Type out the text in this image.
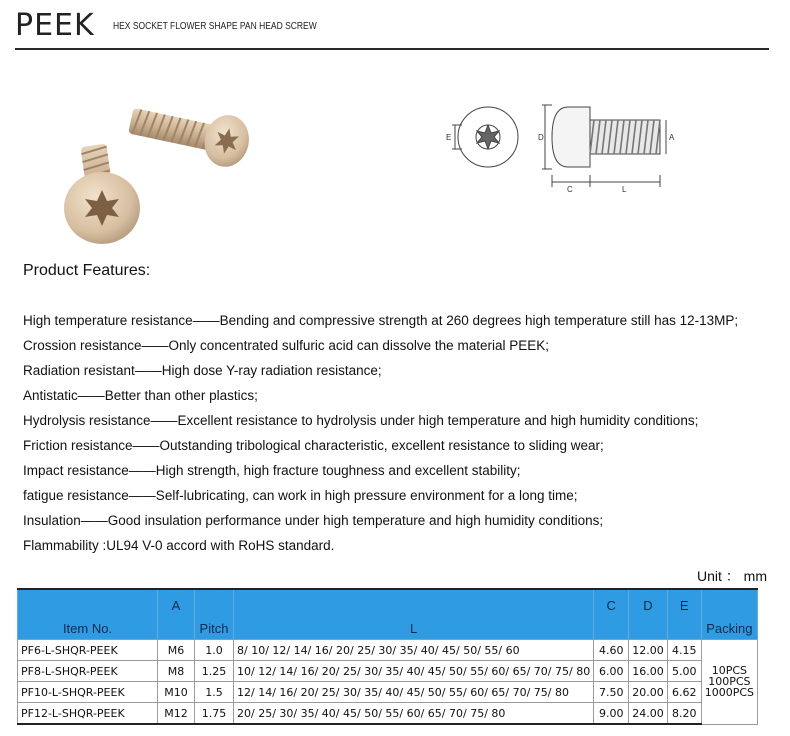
PEEK HEX SOCKET FLOWER SHAPE PAN HEAD SCREW
E	D	A
C	L
Product Features:
High temperature resistance——Bending and compressive strength at 260 degrees high temperature still has 12-13MP;
Crossion resistance——Only concentrated sulfuric acid can dissolve the material PEEK;
Radiation resistant——High dose Y-ray radiation resistance;
Antistatic——Better than other plastics;
Hydrolysis resistance——Excellent resistance to hydrolysis under high temperature and high humidity conditions;
Friction resistance——Outstanding tribological characteristic, excellent resistance to sliding wear;
Impact resistance——High strength, high fracture toughness and excellent stability;
fatigue resistance——Self-lubricating, can work in high pressure environment for a long time;
Insulation——Good insulation performance under high temperature and high humidity conditions;
Flammability :UL94 V-0 accord with RoHS standard.
Unit ： mm
Item No.	A	Pitch	L	C	D	E	Packing
PF6-L-SHQR-PEEK	M6	1.0	8/ 10/ 12/ 14/ 16/ 20/ 25/ 30/ 35/ 40/ 45/ 50/ 55/ 60	4.60	12.00	4.15	10PCS
100PCS
1000PCS

PF8-L-SHQR-PEEK	M8	1.25	10/ 12/ 14/ 16/ 20/ 25/ 30/ 35/ 40/ 45/ 50/ 55/ 60/ 65/ 70/ 75/ 80	6.00	16.00	5.00	
PF10-L-SHQR-PEEK	M10	1.5	12/ 14/ 16/ 20/ 25/ 30/ 35/ 40/ 45/ 50/ 55/ 60/ 65/ 70/ 75/ 80	7.50	20.00	6.62	
PF12-L-SHQR-PEEK	M12	1.75	20/ 25/ 30/ 35/ 40/ 45/ 50/ 55/ 60/ 65/ 70/ 75/ 80	9.00	24.00	8.20	
